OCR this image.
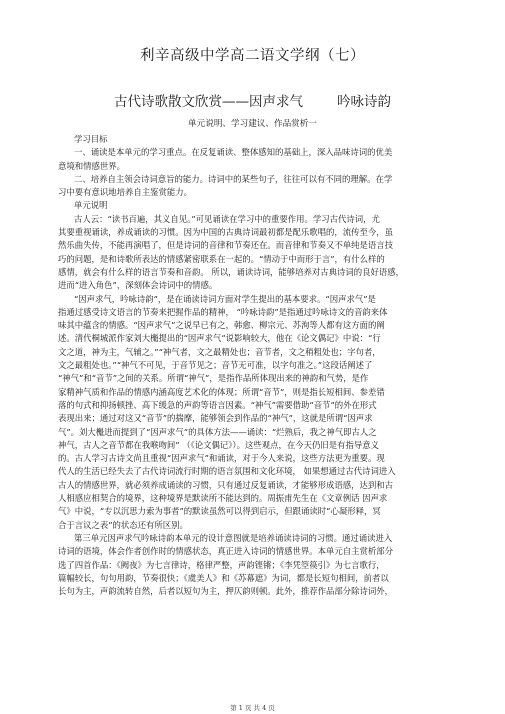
利辛高级中学高二语文学纲（七）
古代诗歌散文欣赏——因声求气	吟咏诗韵
单元说明、学习建议、作品赏析一

学习目标

一、诵读是本单元的学习重点。在反复诵读、整体感知的基础上，深入品味诗词的优美

意境和情感世界。

二、培养自主领会诗词意旨的能力。诗词中的某些句子，往往可以有不同的理解。在学

习中要有意识地培养自主鉴赏能力。

单元说明

古人云：“读书百遍，其义自见。”可见诵读在学习中的重要作用。学习古代诗词，尤

其要重视诵读，养成诵读的习惯。因为中国的古典诗词最初都是配乐歌唱的，流传至今，虽

然乐曲失传，不能再演唱了，但是诗词的音律和节奏还在。而音律和节奏又不单纯是语言技

巧的问题，是和诗歌所表达的情感紧密联系在一起的。“情动于中而形于言”，有什么样的

感情，就会有什么样的语言节奏和音韵。 所以，诵读诗词，能够培养对古典诗词的良好语感，

进而“进入角色”，深刻体会诗词中的情感。

“因声求气，吟咏诗韵”，是在诵读诗词方面对学生提出的基本要求。“因声求气”是

指通过感受诗文语言的节奏来把握作品的精神， “吟咏诗韵”是指通过吟咏诗文的音韵来体

味其中蕴含的情感。“因声求气”之说早已有之，韩愈、柳宗元、苏洵等人都有这方面的阐

述。清代桐城派作家刘大櫆提出的“因声求气”说影响较大，他在《论文偶记》中说：“行

文之道，神为主，气辅之。”“神气者，文之最精处也；音节者，文之稍粗处也；字句者，

文之最粗处也。”“神气不可见，于音节见之；音节无可准，以字句准之。”这段话阐述了

“神气”和“音节”之间的关系。所谓“神气”，是指作品所体现出来的神韵和气势，是作

家精神气质和作品的情感内涵高度艺术化的体现；所谓“音节”，则是指长短相间、参差错

落的句式和抑扬顿挫、高下缓急的声韵等语言因素。“神气”需要借助“音节”的外在形式

表现出来；通过对这又“音节”的揣摩，能够领会到作品的“神气”，这就是所谓“因声求

气”。刘大櫆进而提到了“因声求气”的具体方法——诵读：“烂熟后，我之神气即古人之

神气，古人之音节都在我喉吻间” （《论文偶记》）。这些观点，在今天仍旧是有指导意义

的。古人学习古诗文尚且重视“因声求气”和诵读，对于今人来说，这些方法更为重要。现

代人的生活已经失去了古代诗词流行时期的语言氛围和文化环境， 如果想通过古代诗词进入

古人的情感世界，就必须养成诵读的习惯，只有通过反复诵读，才能够形成语感，达到和古

人相感应相契合的境界，这种境界是默读所不能达到的。周振甫先生在《文章例话 因声求

气》中说，“专以沉思力索为事者”的默读虽然可以得到启示，但跟诵读时“心凝形释，冥

合于言议之表”的状态还有所区别。

第三单元因声求气吟咏诗韵本单元的设计意图就是培养诵读诗词的习惯。通过诵读进入

诗词的语境，体会作者创作时的情感状态，真正进入诗词的情感世界。本单元自主赏析部分

选了四首作品：《阙夜》为七言律诗，格律严整，声韵铿锵；《李凭箜篌引》为七言歌行，

篇幅较长，句句用韵，节奏很快；《虞美人》和《苏幕遮》为词，都是长短句相间，前者以

长句为主，声韵流转自然，后者以短句为主，押仄韵则顿。此外，推荐作品部分除诗词外，

第 1 页 共 4 页
